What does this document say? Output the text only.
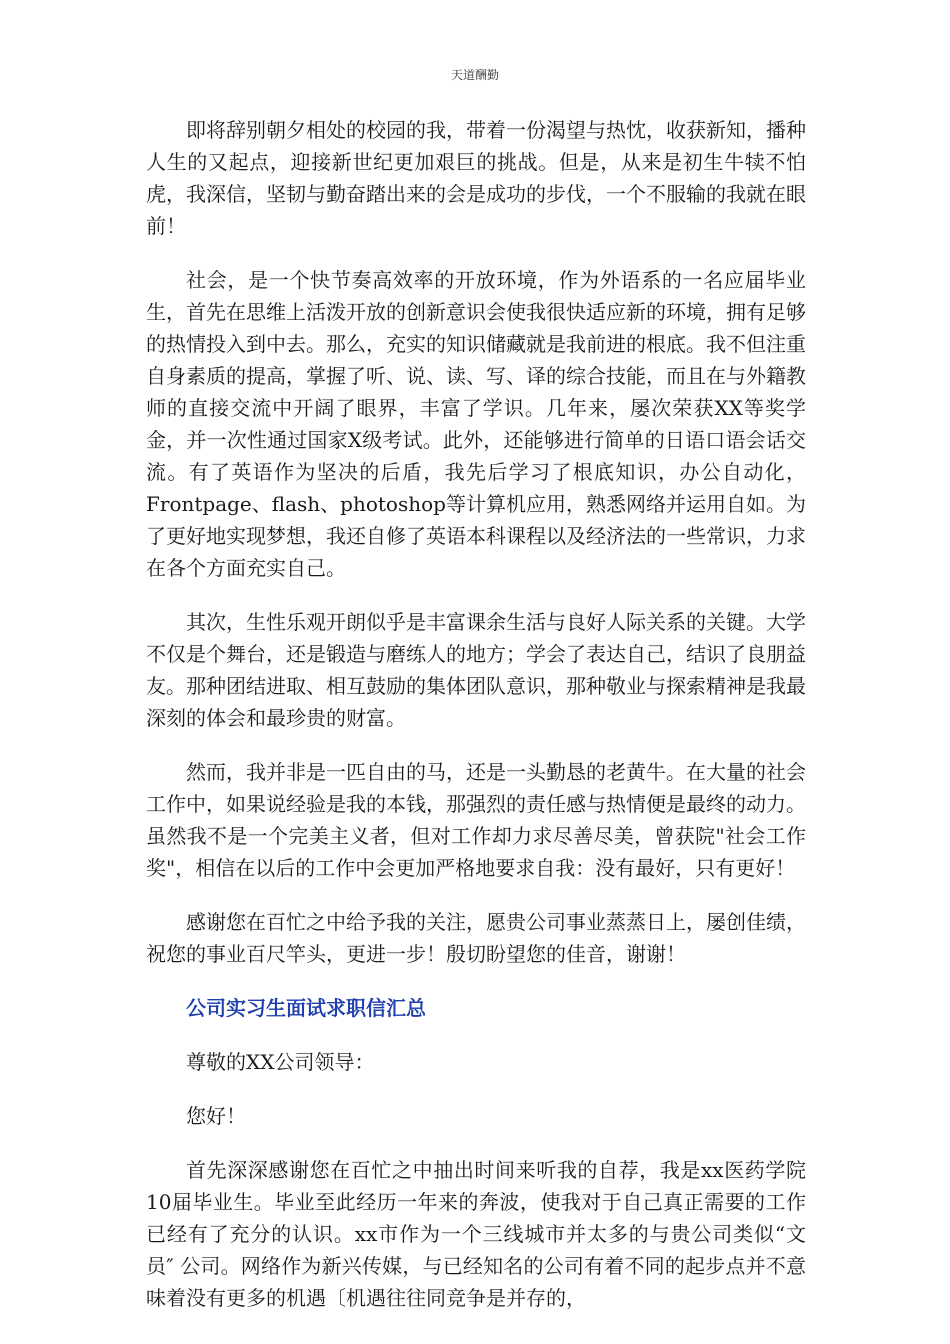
天道酬勤

即将辞别朝夕相处的校园的我，带着一份渴望与热忱，收获新知，播种人生的又起点，迎接新世纪更加艰巨的挑战。但是，从来是初生牛犊不怕虎，我深信，坚韧与勤奋踏出来的会是成功的步伐，一个不服输的我就在眼前！

社会，是一个快节奏高效率的开放环境，作为外语系的一名应届毕业生，首先在思维上活泼开放的创新意识会使我很快适应新的环境，拥有足够的热情投入到中去。那么，充实的知识储藏就是我前进的根底。我不但注重自身素质的提高，掌握了听、说、读、写、译的综合技能，而且在与外籍教师的直接交流中开阔了眼界，丰富了学识。几年来，屡次荣获XX等奖学金，并一次性通过国家X级考试。此外，还能够进行简单的日语口语会话交流。有了英语作为坚决的后盾，我先后学习了根底知识，办公自动化，Frontpage、flash、photoshop等计算机应用，熟悉网络并运用自如。为了更好地实现梦想，我还自修了英语本科课程以及经济法的一些常识，力求在各个方面充实自己。

其次，生性乐观开朗似乎是丰富课余生活与良好人际关系的关键。大学不仅是个舞台，还是锻造与磨练人的地方；学会了表达自己，结识了良朋益友。那种团结进取、相互鼓励的集体团队意识，那种敬业与探索精神是我最深刻的体会和最珍贵的财富。

然而，我并非是一匹自由的马，还是一头勤恳的老黄牛。在大量的社会工作中，如果说经验是我的本钱，那强烈的责任感与热情便是最终的动力。虽然我不是一个完美主义者，但对工作却力求尽善尽美，曾获院"社会工作奖"，相信在以后的工作中会更加严格地要求自我：没有最好，只有更好！

感谢您在百忙之中给予我的关注，愿贵公司事业蒸蒸日上，屡创佳绩，祝您的事业百尺竿头，更进一步！殷切盼望您的佳音，谢谢！

公司实习生面试求职信汇总

尊敬的XX公司领导：

您好！

首先深深感谢您在百忙之中抽出时间来听我的自荐，我是xx医药学院10届毕业生。毕业至此经历一年来的奔波，使我对于自己真正需要的工作已经有了充分的认识。xx市作为一个三线城市并太多的与贵公司类似“文员″ 公司。网络作为新兴传媒，与已经知名的公司有着不同的起步点并不意味着没有更多的机遇〔机遇往往同竞争是并存的，
